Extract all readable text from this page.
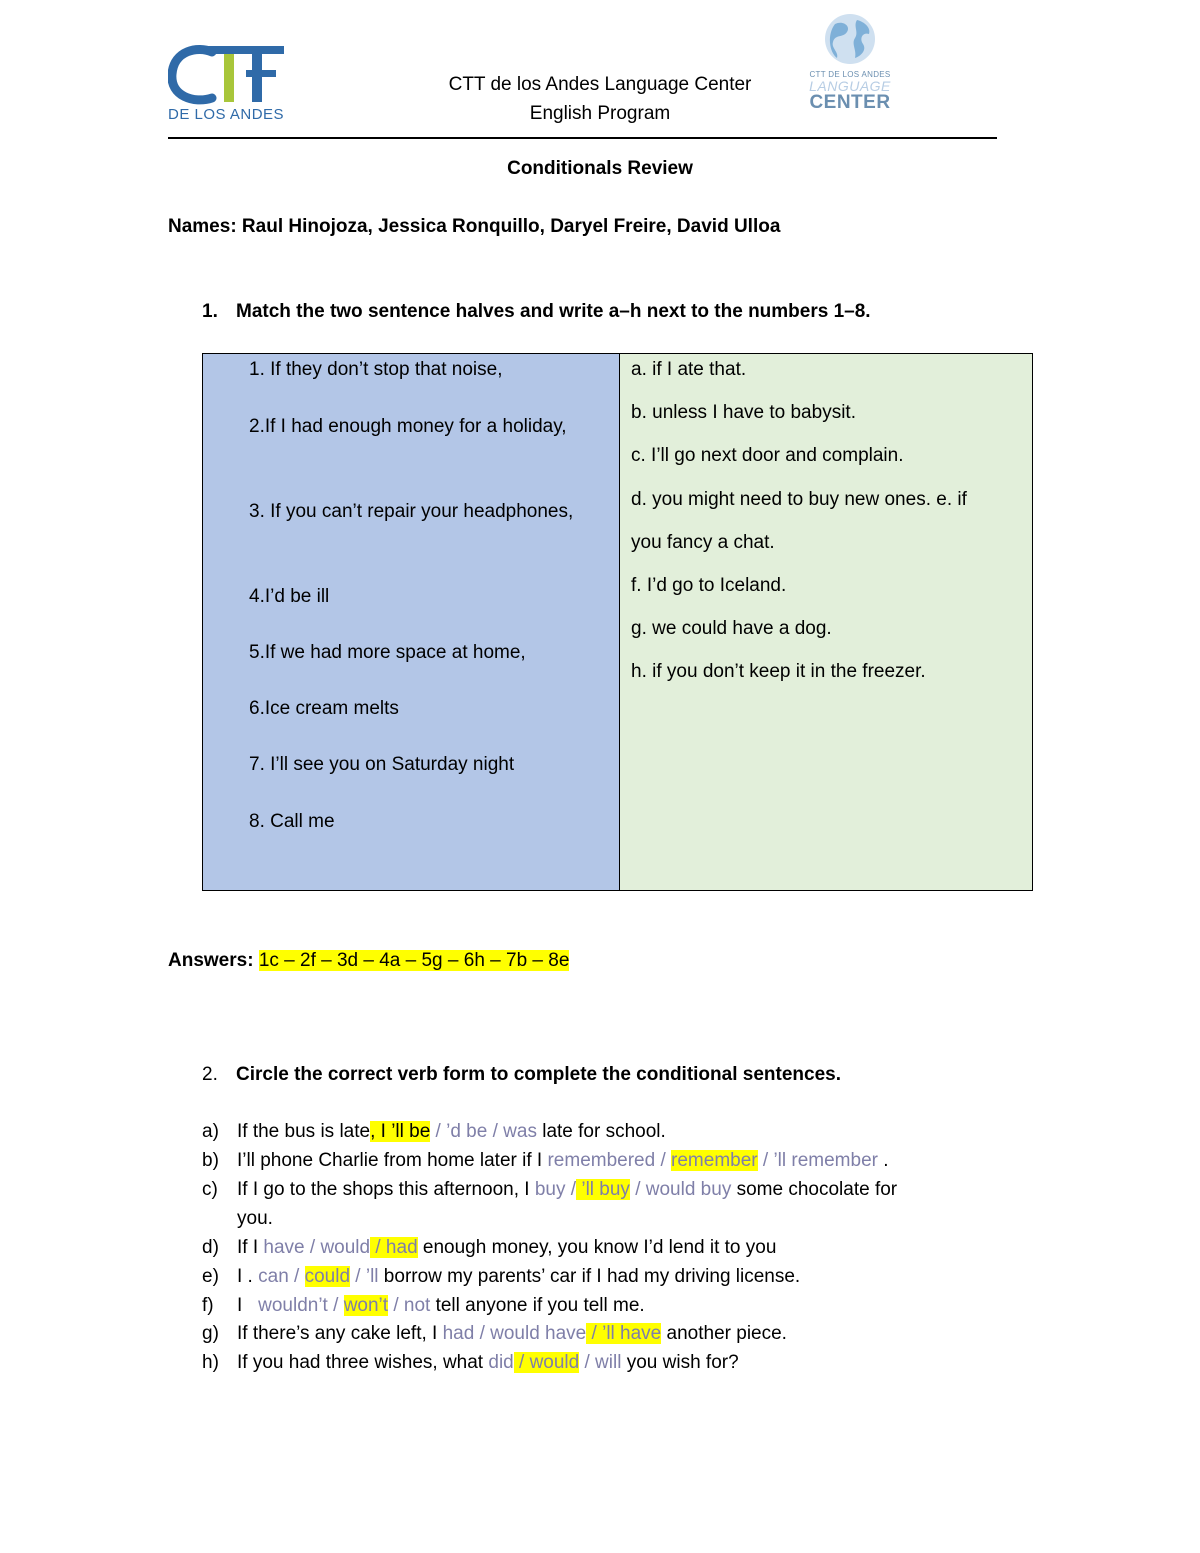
DE LOS ANDES
CTT de los Andes Language Center
English Program
CTT DE LOS ANDES
LANGUAGE
CENTER
Conditionals Review
Names: Raul Hinojoza, Jessica Ronquillo, Daryel Freire, David Ulloa
1. Match the two sentence halves and write a–h next to the numbers 1–8.
1. If they don’t stop that noise,
2.If I had enough money for a holiday,
3. If you can’t repair your headphones,
4.I’d be ill
5.If we had more space at home,
6.Ice cream melts
7. I’ll see you on Saturday night
8. Call me
a. if I ate that.
b. unless I have to babysit.
c. I’ll go next door and complain.
d. you might need to buy new ones. e. if
you fancy a chat.
f. I’d go to Iceland.
g. we could have a dog.
h. if you don’t keep it in the freezer.
Answers: 1c – 2f – 3d – 4a – 5g – 6h – 7b – 8e
2. Circle the correct verb form to complete the conditional sentences.
a) If the bus is late, I ’ll be / ’d be / was late for school.
b) I’ll phone Charlie from home later if I remembered / remember / ’ll remember .
c)	If I go to the shops this afternoon, I buy / ’ll buy / would buy some chocolate for
you.
d) If I have / would / had enough money, you know I’d lend it to you
e) I . can / could / ’ll borrow my parents’ car if I had my driving license.
f)	I   wouldn’t / won’t / not tell anyone if you tell me.
g) If there’s any cake left, I had / would have / ’ll have another piece.
h) If you had three wishes, what did / would / will you wish for?
